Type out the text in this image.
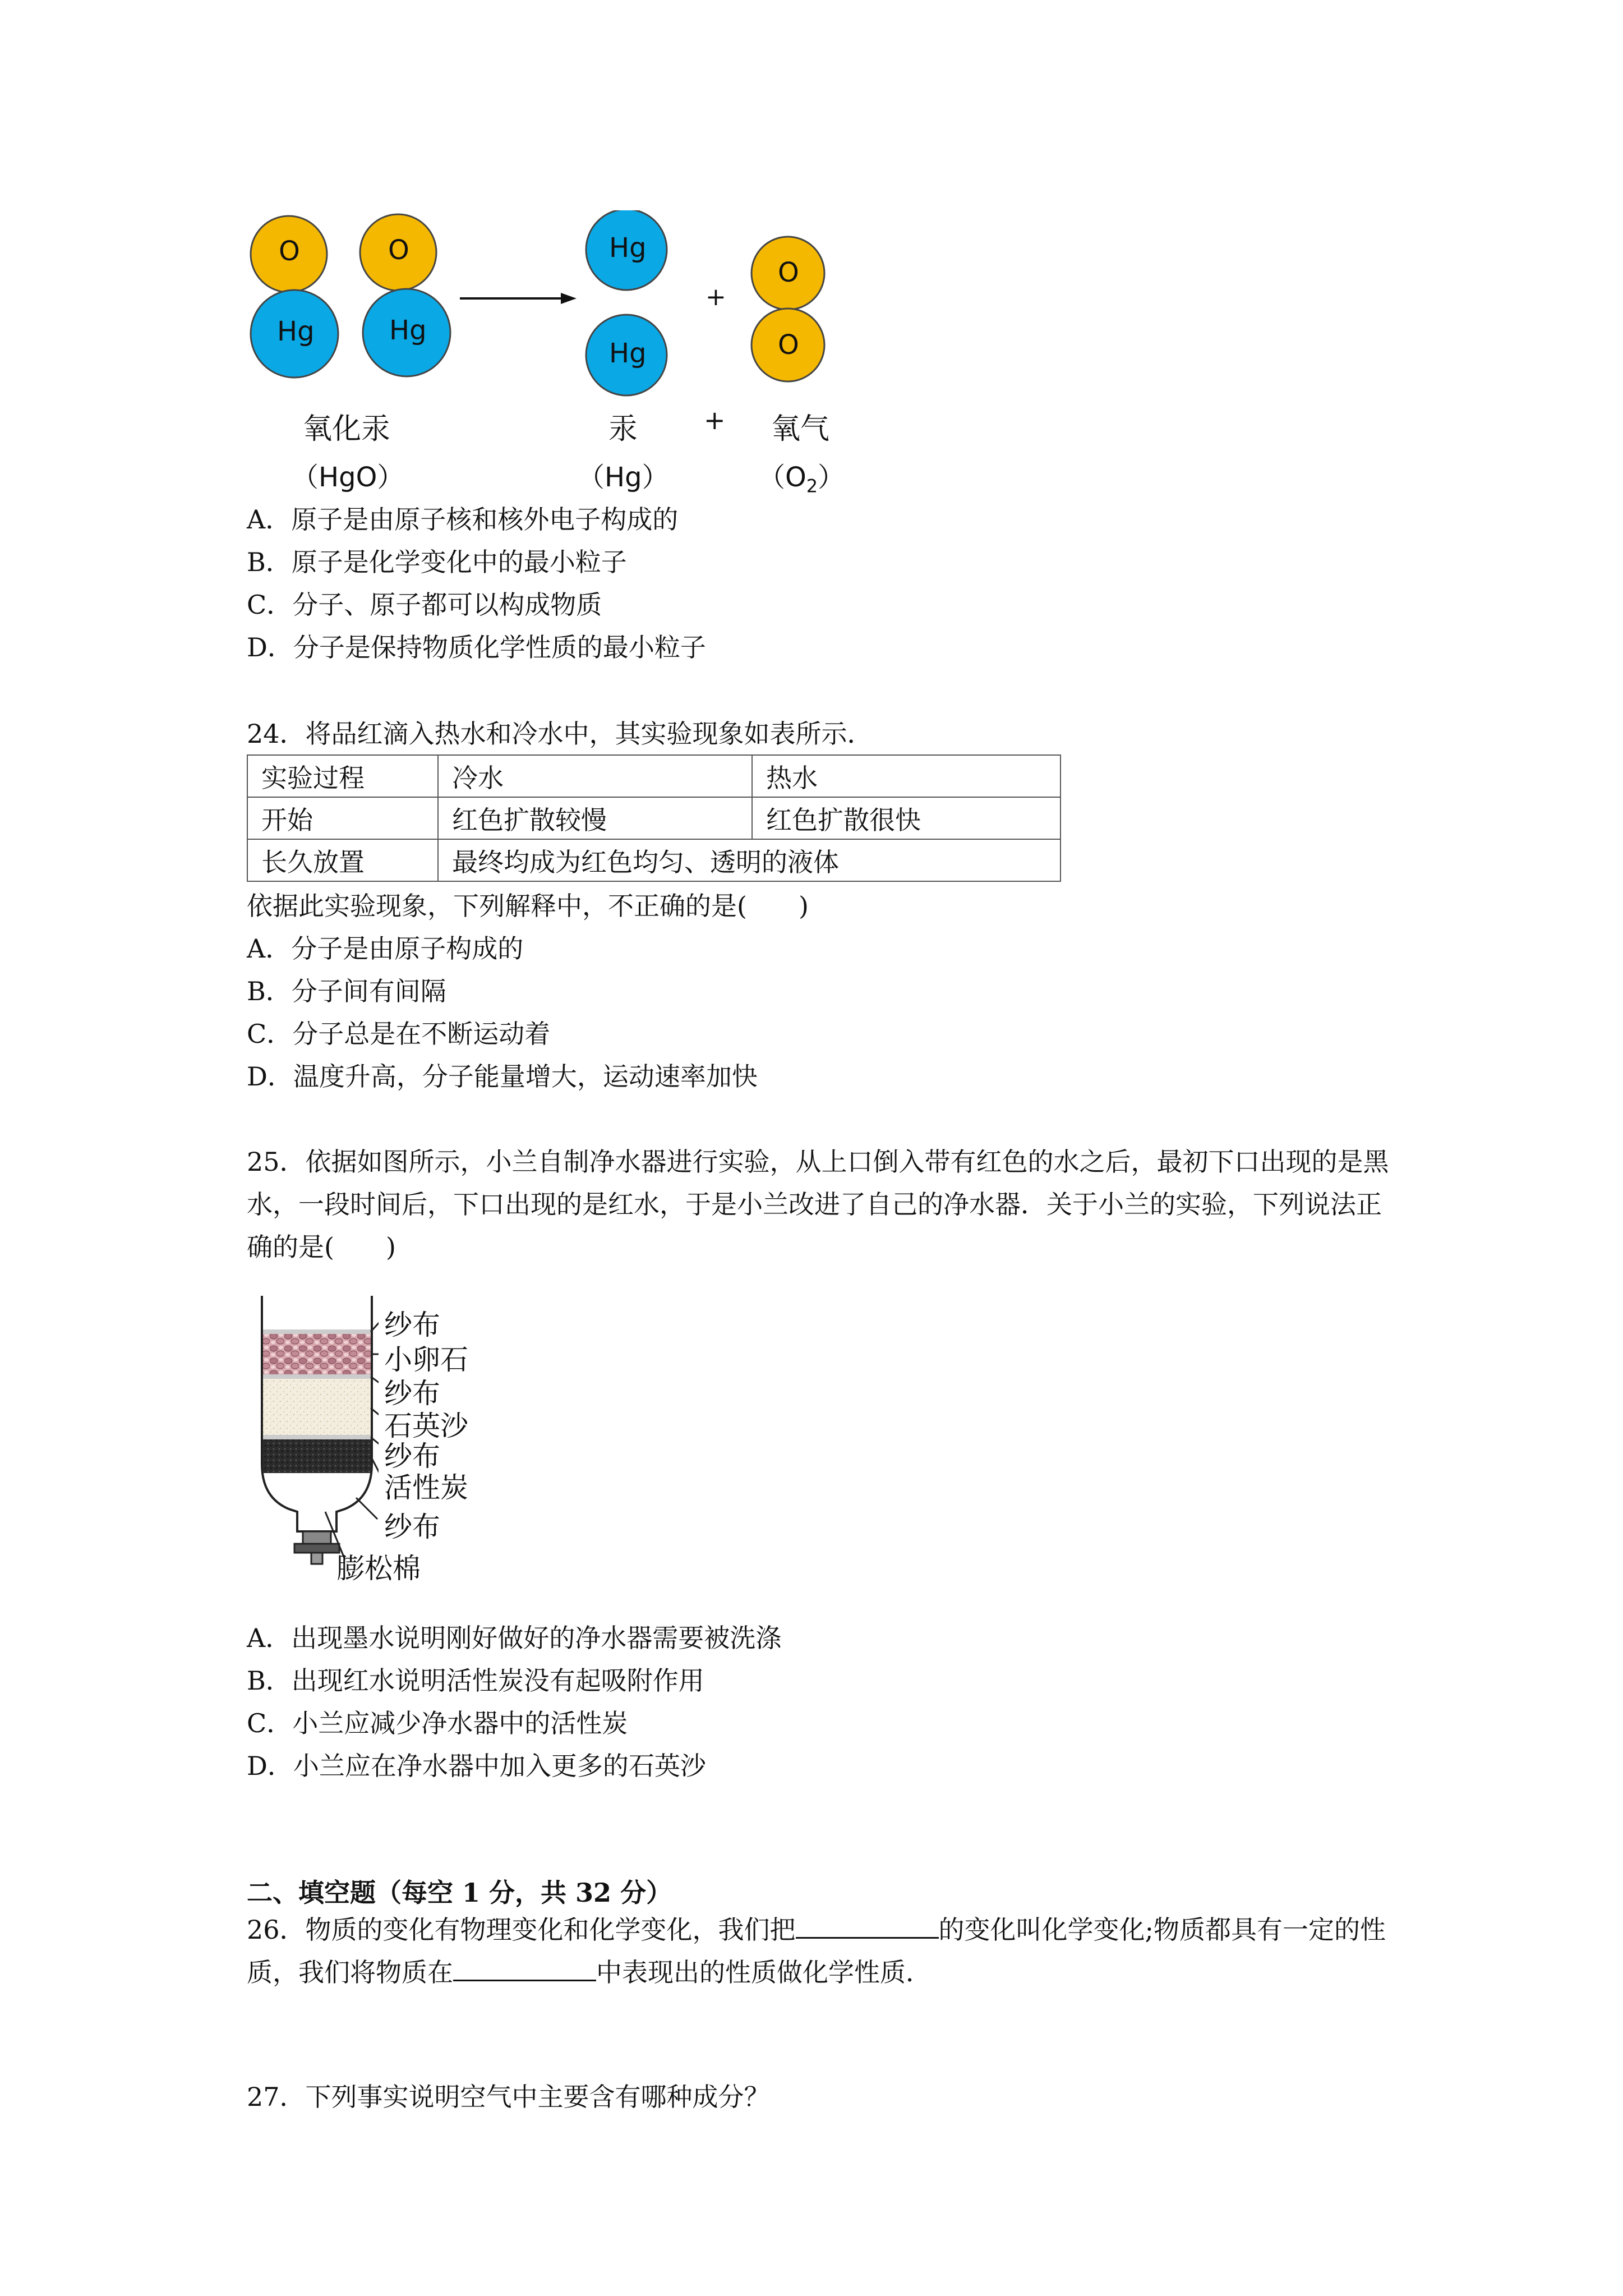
O
Hg
O
Hg
Hg
Hg
O
O
+
氧化汞	汞	+ 氧气
（HgO）	（Hg）	$(O_2)$
A．原子是由原子核和核外电子构成的
B．原子是化学变化中的最小粒子
C．分子、原子都可以构成物质
D．分子是保持物质化学性质的最小粒子
24．将品红滴入热水和冷水中，其实验现象如表所示．
实验过程	冷水	热水
开始	红色扩散较慢	红色扩散很快
长久放置	最终均成为红色均匀、透明的液体	
依据此实验现象，下列解释中，不正确的是(　　)
A．分子是由原子构成的
B．分子间有间隔
C．分子总是在不断运动着
D．温度升高，分子能量增大，运动速率加快
25．依据如图所示，小兰自制净水器进行实验，从上口倒入带有红色的水之后，最初下口出现的是黑水，一段时间后，下口出现的是红水，于是小兰改进了自己的净水器．关于小兰的实验，下列说法正确的是(　　)
纱布
小卵石
纱布
石英沙
纱布
活性炭
纱布
膨松棉
A．出现墨水说明刚好做好的净水器需要被洗涤
B．出现红水说明活性炭没有起吸附作用
C．小兰应减少净水器中的活性炭
D．小兰应在净水器中加入更多的石英沙
二、填空题（每空 1 分，共 32 分）
26．物质的变化有物理变化和化学变化，我们把	的变化叫化学变化;物质都具有一定的性质，我们将物质在	中表现出的性质做化学性质．
27．下列事实说明空气中主要含有哪种成分？
